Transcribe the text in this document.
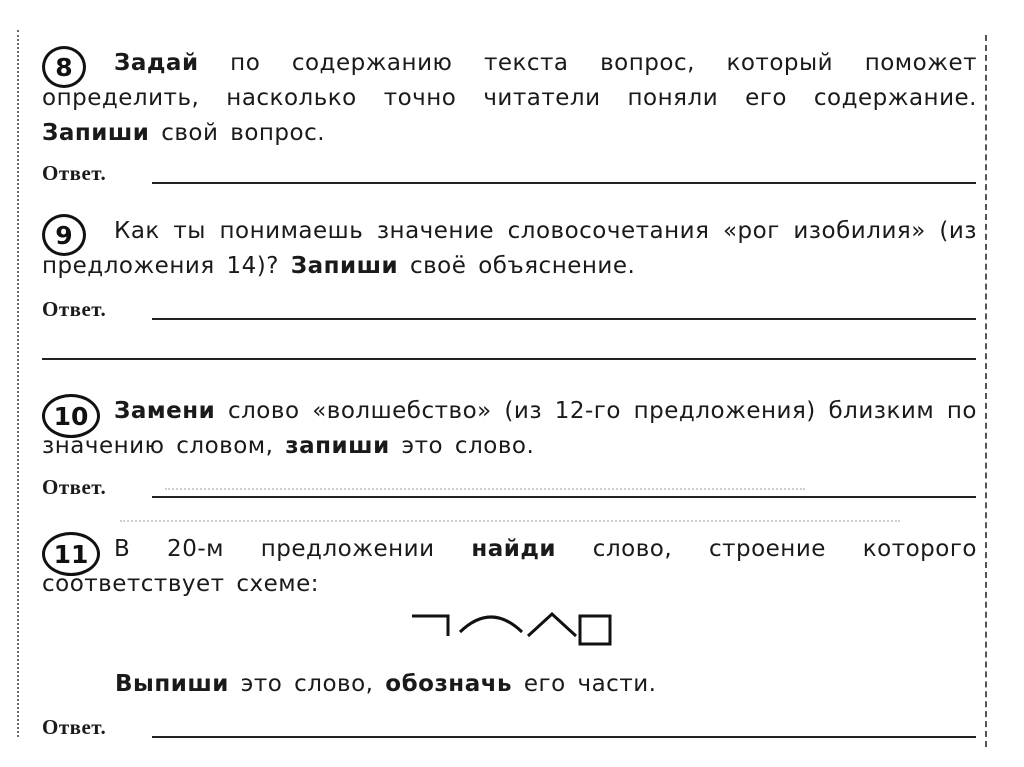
8	Задай по содержанию текста вопрос, который поможет определить, насколько точно читатели поняли его содержание. Запиши свой вопрос.

Ответ.
9	Как ты понимаешь значение словосочетания «рог изобилия» (из предложения 14)? Запиши своё объяснение.

Ответ.
10	Замени слово «волшебство» (из 12-го предложения) близким по значению словом, запиши это слово.

Ответ.
11	В 20-м предложении найди слово, строение которого соответствует схеме:

Выпиши это слово, обозначь его части.

Ответ.
